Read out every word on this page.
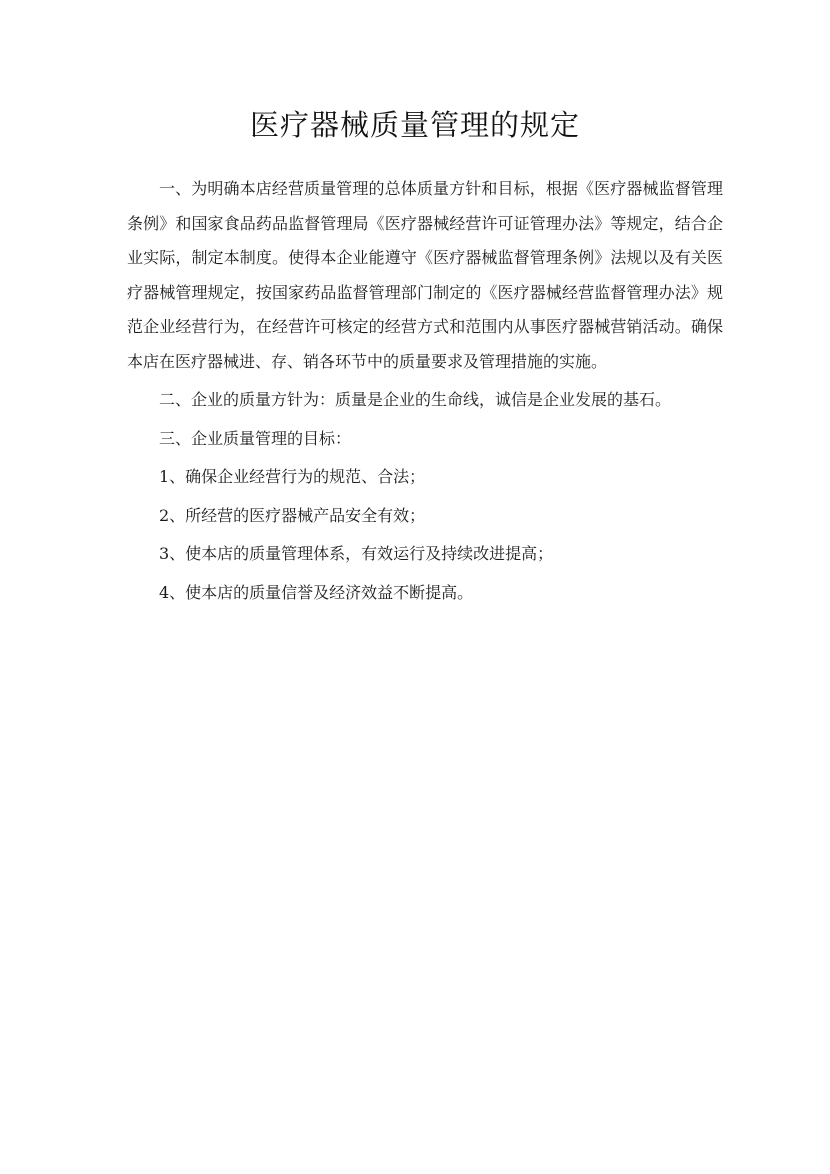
医疗器械质量管理的规定

一、为明确本店经营质量管理的总体质量方针和目标，根据《医疗器械监督管理条例》和国家食品药品监督管理局《医疗器械经营许可证管理办法》等规定，结合企业实际，制定本制度。使得本企业能遵守《医疗器械监督管理条例》法规以及有关医疗器械管理规定，按国家药品监督管理部门制定的《医疗器械经营监督管理办法》规范企业经营行为，在经营许可核定的经营方式和范围内从事医疗器械营销活动。确保本店在医疗器械进、存、销各环节中的质量要求及管理措施的实施。

二、企业的质量方针为：质量是企业的生命线，诚信是企业发展的基石。

三、企业质量管理的目标：

1、确保企业经营行为的规范、合法；

2、所经营的医疗器械产品安全有效；

3、使本店的质量管理体系，有效运行及持续改进提高；

4、使本店的质量信誉及经济效益不断提高。
